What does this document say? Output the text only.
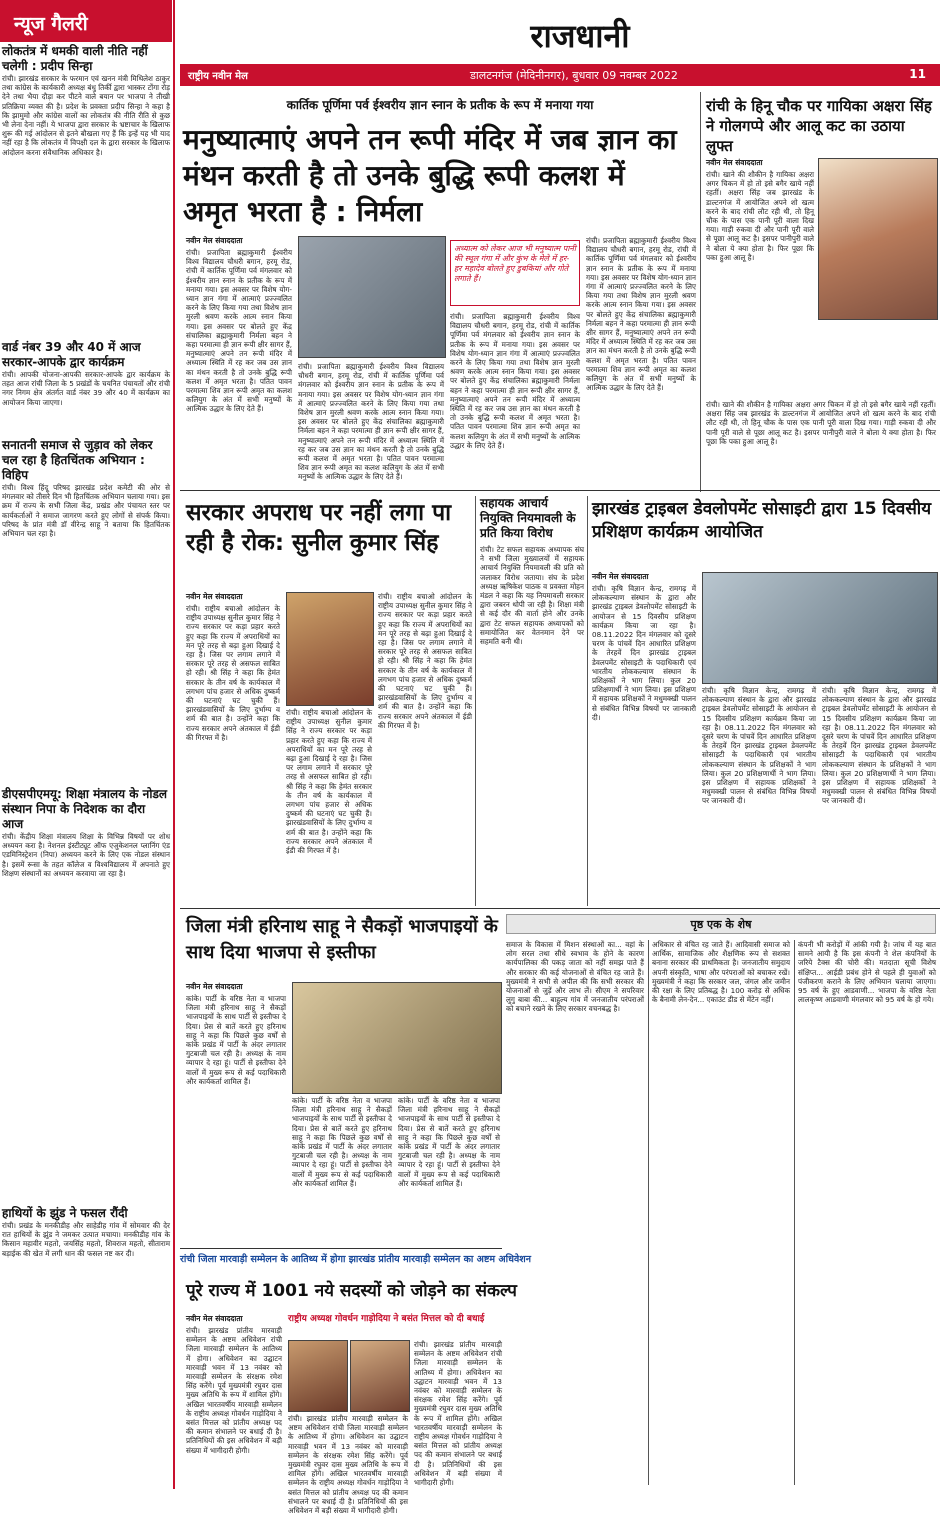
न्यूज गैलरी
लोकतंत्र में धमकी वाली नीति नहीं चलेगी : प्रदीप सिन्हा
रांची। झारखंड सरकार के फरमान एवं खनन मंत्री मिथिलेश ठाकुर तथा कांग्रेस के कार्यकारी अध्यक्ष बंधु तिर्की द्वारा भास्कर टोंगा रोड़ देने तथा भैया दौड़ा कर पीटने वाले बयान पर भाजपा ने तीखी प्रतिक्रिया व्यक्त की है। प्रदेश के प्रवक्ता प्रदीप सिन्हा ने कहा है कि झामुमो और कांग्रेस वालों का लोकतंत्र की नीति रीति से कुछ भी लेना देना नहीं। ये भाजपा द्वारा सरकार के भ्रष्टाचार के खिलाफ शुरू की गई आंदोलन से इतने बौखला गए हैं कि इन्हें यह भी याद नहीं रहा है कि लोकतंत्र में विपक्षी दल के द्वारा सरकार के खिलाफ आंदोलन करना संवैधानिक अधिकार है।
वार्ड नंबर 39 और 40 में आज सरकार-आपके द्वार कार्यक्रम
रांची। आपकी योजना-आपकी सरकार-आपके द्वार कार्यक्रम के तहत आज रांची जिला के 5 प्रखंडों के चयनित पंचायतों और रांची नगर निगम क्षेत्र अंतर्गत वार्ड नंबर 39 और 40 में कार्यक्रम का आयोजन किया जाएगा।
सनातनी समाज से जुड़ाव को लेकर चल रहा है हितचिंतक अभियान : विहिप
रांची। विश्व हिंदू परिषद झारखंड प्रदेश कमेटी की ओर से मंगलवार को तीसरे दिन भी हितचिंतक अभियान चलाया गया। इस क्रम में राज्य के सभी जिला केंद्र, प्रखंड और पंचायत स्तर पर कार्यकर्ताओं ने समाज जागरण करते हुए लोगों से संपर्क किया। परिषद के प्रांत मंत्री डॉ वीरेन्द्र साहू ने बताया कि हितचिंतक अभियान चल रहा है।
डीएसपीएमयू: शिक्षा मंत्रालय के नोडल संस्थान निपा के निदेशक का दौरा आज
रांची। केंद्रीय शिक्षा मंत्रालय शिक्षा के विभिन्न विषयों पर शोध अध्ययन करा है। नेशनल इंस्टीट्यूट ऑफ एजुकेशनल प्लानिंग एंड एडमिनिस्ट्रेशन (निपा) अध्ययन करने के लिए एक नोडल संस्थान है। इसमें रूसा के तहत कॉलेज व विश्वविद्यालय में अपनाते हुए शिक्षण संस्थानों का अध्ययन करवाया जा रहा है।
हाथियों के झुंड ने फसल रौंदी
रांची। प्रखंड के मनकीडीह और साहेडीह गांव में सोमवार की देर रात हाथियों के झुंड ने जमकर उत्पात मचाया। मनकीडीह गांव के किसान महावीर महतो, जयसिंह महतो, शिवराज महतो, सीताराम बड़ाईक की खेत में लगी धान की फसल नष्ट कर दी।
राजधानी
राष्ट्रीय नवीन मेल	डालटनगंज (मेदिनीनगर), बुधवार 09 नवम्बर 2022	11
कार्तिक पूर्णिमा पर्व ईश्वरीय ज्ञान स्नान के प्रतीक के रूप में मनाया गया
मनुष्यात्माएं अपने तन रूपी मंदिर में जब ज्ञान का मंथन करती है तो उनके बुद्धि रूपी कलश में अमृत भरता है : निर्मला
नवीन मेल संवाददाता
रांची। प्रजापिता ब्रह्माकुमारी ईश्वरीय विश्व विद्यालय चौधरी बगान, हरमू रोड, रांची में कार्तिक पूर्णिमा पर्व मंगलवार को ईश्वरीय ज्ञान स्नान के प्रतीक के रूप में मनाया गया। इस अवसर पर विशेष योग-ध्यान ज्ञान गंगा में आत्माएं प्रज्ज्वलित करने के लिए किया गया तथा विशेष ज्ञान मुरली श्रवण करके आत्म स्नान किया गया। इस अवसर पर बोलते हुए केंद्र संचालिका ब्रह्माकुमारी निर्मला बहन ने कहा परमात्मा ही ज्ञान रूपी क्षीर सागर हैं, मनुष्यात्माएं अपने तन रूपी मंदिर में अध्यात्म स्थिति में रह कर जब उस ज्ञान का मंथन करती है तो उनके बुद्धि रूपी कलश में अमृत भरता है। पतित पावन परमात्मा शिव ज्ञान रूपी अमृत का कलश कलियुग के अंत में सभी मनुष्यों के आत्मिक उद्धार के लिए देते हैं।
अध्यात्म को लेकर आज भी मनुष्यात्म पानी की स्थूल गंगा में और कुंभ के मेले में हर-हर महादेव बोलते हुए डुबकियां और गोते लगाते हैं।
रांची। प्रजापिता ब्रह्माकुमारी ईश्वरीय विश्व विद्यालय चौधरी बगान, हरमू रोड, रांची में कार्तिक पूर्णिमा पर्व मंगलवार को ईश्वरीय ज्ञान स्नान के प्रतीक के रूप में मनाया गया। इस अवसर पर विशेष योग-ध्यान ज्ञान गंगा में आत्माएं प्रज्ज्वलित करने के लिए किया गया तथा विशेष ज्ञान मुरली श्रवण करके आत्म स्नान किया गया। इस अवसर पर बोलते हुए केंद्र संचालिका ब्रह्माकुमारी निर्मला बहन ने कहा परमात्मा ही ज्ञान रूपी क्षीर सागर हैं, मनुष्यात्माएं अपने तन रूपी मंदिर में अध्यात्म स्थिति में रह कर जब उस ज्ञान का मंथन करती है तो उनके बुद्धि रूपी कलश में अमृत भरता है। पतित पावन परमात्मा शिव ज्ञान रूपी अमृत का कलश कलियुग के अंत में सभी मनुष्यों के आत्मिक उद्धार के लिए देते हैं।
रांची। प्रजापिता ब्रह्माकुमारी ईश्वरीय विश्व विद्यालय चौधरी बगान, हरमू रोड, रांची में कार्तिक पूर्णिमा पर्व मंगलवार को ईश्वरीय ज्ञान स्नान के प्रतीक के रूप में मनाया गया। इस अवसर पर विशेष योग-ध्यान ज्ञान गंगा में आत्माएं प्रज्ज्वलित करने के लिए किया गया तथा विशेष ज्ञान मुरली श्रवण करके आत्म स्नान किया गया। इस अवसर पर बोलते हुए केंद्र संचालिका ब्रह्माकुमारी निर्मला बहन ने कहा परमात्मा ही ज्ञान रूपी क्षीर सागर हैं, मनुष्यात्माएं अपने तन रूपी मंदिर में अध्यात्म स्थिति में रह कर जब उस ज्ञान का मंथन करती है तो उनके बुद्धि रूपी कलश में अमृत भरता है। पतित पावन परमात्मा शिव ज्ञान रूपी अमृत का कलश कलियुग के अंत में सभी मनुष्यों के आत्मिक उद्धार के लिए देते हैं।
रांची। प्रजापिता ब्रह्माकुमारी ईश्वरीय विश्व विद्यालय चौधरी बगान, हरमू रोड, रांची में कार्तिक पूर्णिमा पर्व मंगलवार को ईश्वरीय ज्ञान स्नान के प्रतीक के रूप में मनाया गया। इस अवसर पर विशेष योग-ध्यान ज्ञान गंगा में आत्माएं प्रज्ज्वलित करने के लिए किया गया तथा विशेष ज्ञान मुरली श्रवण करके आत्म स्नान किया गया। इस अवसर पर बोलते हुए केंद्र संचालिका ब्रह्माकुमारी निर्मला बहन ने कहा परमात्मा ही ज्ञान रूपी क्षीर सागर हैं, मनुष्यात्माएं अपने तन रूपी मंदिर में अध्यात्म स्थिति में रह कर जब उस ज्ञान का मंथन करती है तो उनके बुद्धि रूपी कलश में अमृत भरता है। पतित पावन परमात्मा शिव ज्ञान रूपी अमृत का कलश कलियुग के अंत में सभी मनुष्यों के आत्मिक उद्धार के लिए देते हैं।
रांची के हिनू चौक पर गायिका अक्षरा सिंह ने गोलगप्पे और आलू कट का उठाया लुफ्त
नवीन मेल संवाददाता
रांची। खाने की शौकीन है गायिका अक्षरा अगर चिकन में हो तो इसे बगैर खाये नहीं रहतीं। अक्षरा सिंह जब झारखंड के डाल्टनगंज में आयोजित अपने शो खत्म करने के बाद रांची लौट रही थी, तो हिनू चौक के पास एक पानी पूरी वाला दिख गया। गाड़ी रुकवा दी और पानी पूरी वाले से पूछा आलू कट है। इसपर पानीपुरी वाले ने बोला ये क्या होता है। फिर पूछा कि पका हुआ आलू है।
रांची। खाने की शौकीन है गायिका अक्षरा अगर चिकन में हो तो इसे बगैर खाये नहीं रहतीं। अक्षरा सिंह जब झारखंड के डाल्टनगंज में आयोजित अपने शो खत्म करने के बाद रांची लौट रही थी, तो हिनू चौक के पास एक पानी पूरी वाला दिख गया। गाड़ी रुकवा दी और पानी पूरी वाले से पूछा आलू कट है। इसपर पानीपुरी वाले ने बोला ये क्या होता है। फिर पूछा कि पका हुआ आलू है।
सरकार अपराध पर नहीं लगा पा रही है रोक: सुनील कुमार सिंह
नवीन मेल संवाददाता
रांची। राष्ट्रीय बचाओ आंदोलन के राष्ट्रीय उपाध्यक्ष सुनील कुमार सिंह ने राज्य सरकार पर कड़ा प्रहार करते हुए कहा कि राज्य में अपराधियों का मन पूरे तरह से बढ़ा हुआ दिखाई दे रहा है। जिस पर लगाम लगाने में सरकार पूरे तरह से असफल साबित हो रही। श्री सिंह ने कहा कि हेमंत सरकार के तीन वर्ष के कार्यकाल में लगभग पांच हजार से अधिक दुष्कर्म की घटनाएं घट चुकी हैं। झारखंडवासियों के लिए दुर्भाग्य व शर्म की बात है। उन्होंने कहा कि राज्य सरकार अपने अंतकाल में ईडी की गिरफ्त में है।
रांची। राष्ट्रीय बचाओ आंदोलन के राष्ट्रीय उपाध्यक्ष सुनील कुमार सिंह ने राज्य सरकार पर कड़ा प्रहार करते हुए कहा कि राज्य में अपराधियों का मन पूरे तरह से बढ़ा हुआ दिखाई दे रहा है। जिस पर लगाम लगाने में सरकार पूरे तरह से असफल साबित हो रही। श्री सिंह ने कहा कि हेमंत सरकार के तीन वर्ष के कार्यकाल में लगभग पांच हजार से अधिक दुष्कर्म की घटनाएं घट चुकी हैं। झारखंडवासियों के लिए दुर्भाग्य व शर्म की बात है। उन्होंने कहा कि राज्य सरकार अपने अंतकाल में ईडी की गिरफ्त में है।
रांची। राष्ट्रीय बचाओ आंदोलन के राष्ट्रीय उपाध्यक्ष सुनील कुमार सिंह ने राज्य सरकार पर कड़ा प्रहार करते हुए कहा कि राज्य में अपराधियों का मन पूरे तरह से बढ़ा हुआ दिखाई दे रहा है। जिस पर लगाम लगाने में सरकार पूरे तरह से असफल साबित हो रही। श्री सिंह ने कहा कि हेमंत सरकार के तीन वर्ष के कार्यकाल में लगभग पांच हजार से अधिक दुष्कर्म की घटनाएं घट चुकी हैं। झारखंडवासियों के लिए दुर्भाग्य व शर्म की बात है। उन्होंने कहा कि राज्य सरकार अपने अंतकाल में ईडी की गिरफ्त में है।
सहायक आचार्य नियुक्ति नियमावली के प्रति किया विरोध
रांची। टेट सफल सहायक अध्यापक संघ ने सभी जिला मुख्यालयों में सहायक आचार्य नियुक्ति नियमावली की प्रति को जलाकर विरोध जताया। संघ के प्रदेश अध्यक्ष ऋषिकेश पाठक व प्रवक्ता मोहन मंडल ने कहा कि यह नियमावली सरकार द्वारा जबरन थोपी जा रही है। शिक्षा मंत्री से कई दौर की वार्ता होने और उनके द्वारा टेट सफल सहायक अध्यापकों को समायोजित कर वेतनमान देने पर सहमति बनी थी।
झारखंड ट्राइबल डेवलोपमेंट सोसाइटी द्वारा 15 दिवसीय प्रशिक्षण कार्यक्रम आयोजित
नवीन मेल संवाददाता
रांची। कृषि विज्ञान केन्द्र, रामगढ़ में लोककल्याण संस्थान के द्वारा और झारखंड ट्राइबल डेवलोपमेंट सोसाइटी के आयोजन से 15 दिवसीय प्रशिक्षण कार्यक्रम किया जा रहा है। 08.11.2022 दिन मंगलवार को दूसरे चरण के पांचवें दिन आधारित प्रशिक्षण के तेरहवें दिन झारखंड ट्राइबल डेवलपमेंट सोसाइटी के पदाधिकारी एवं भारतीय लोककल्याण संस्थान के प्रशिक्षकों ने भाग लिया। कुल 20 प्रशिक्षणार्थी ने भाग लिया। इस प्रशिक्षण में सहायक प्रशिक्षकों ने मधुमक्खी पालन से संबंधित विभिन्न विषयों पर जानकारी दी।
रांची। कृषि विज्ञान केन्द्र, रामगढ़ में लोककल्याण संस्थान के द्वारा और झारखंड ट्राइबल डेवलोपमेंट सोसाइटी के आयोजन से 15 दिवसीय प्रशिक्षण कार्यक्रम किया जा रहा है। 08.11.2022 दिन मंगलवार को दूसरे चरण के पांचवें दिन आधारित प्रशिक्षण के तेरहवें दिन झारखंड ट्राइबल डेवलपमेंट सोसाइटी के पदाधिकारी एवं भारतीय लोककल्याण संस्थान के प्रशिक्षकों ने भाग लिया। कुल 20 प्रशिक्षणार्थी ने भाग लिया। इस प्रशिक्षण में सहायक प्रशिक्षकों ने मधुमक्खी पालन से संबंधित विभिन्न विषयों पर जानकारी दी।
रांची। कृषि विज्ञान केन्द्र, रामगढ़ में लोककल्याण संस्थान के द्वारा और झारखंड ट्राइबल डेवलोपमेंट सोसाइटी के आयोजन से 15 दिवसीय प्रशिक्षण कार्यक्रम किया जा रहा है। 08.11.2022 दिन मंगलवार को दूसरे चरण के पांचवें दिन आधारित प्रशिक्षण के तेरहवें दिन झारखंड ट्राइबल डेवलपमेंट सोसाइटी के पदाधिकारी एवं भारतीय लोककल्याण संस्थान के प्रशिक्षकों ने भाग लिया। कुल 20 प्रशिक्षणार्थी ने भाग लिया। इस प्रशिक्षण में सहायक प्रशिक्षकों ने मधुमक्खी पालन से संबंधित विभिन्न विषयों पर जानकारी दी।
जिला मंत्री हरिनाथ साहू ने सैकड़ों भाजपाइयों के साथ दिया भाजपा से इस्तीफा
नवीन मेल संवाददाता
कांके। पार्टी के वरिष्ठ नेता व भाजपा जिला मंत्री हरिनाथ साहू ने सैकड़ों भाजपाइयों के साथ पार्टी से इस्तीफा दे दिया। प्रेस से बातें करते हुए हरिनाथ साहू ने कहा कि पिछले कुछ वर्षों से कांके प्रखंड में पार्टी के अंदर लगातार गुटबाजी चल रही है। अध्यक्ष के नाम व्यापार दे रहा हूं। पार्टी से इस्तीफा देने वालों में मुख्य रूप से कई पदाधिकारी और कार्यकर्ता शामिल हैं।
कांके। पार्टी के वरिष्ठ नेता व भाजपा जिला मंत्री हरिनाथ साहू ने सैकड़ों भाजपाइयों के साथ पार्टी से इस्तीफा दे दिया। प्रेस से बातें करते हुए हरिनाथ साहू ने कहा कि पिछले कुछ वर्षों से कांके प्रखंड में पार्टी के अंदर लगातार गुटबाजी चल रही है। अध्यक्ष के नाम व्यापार दे रहा हूं। पार्टी से इस्तीफा देने वालों में मुख्य रूप से कई पदाधिकारी और कार्यकर्ता शामिल हैं।
कांके। पार्टी के वरिष्ठ नेता व भाजपा जिला मंत्री हरिनाथ साहू ने सैकड़ों भाजपाइयों के साथ पार्टी से इस्तीफा दे दिया। प्रेस से बातें करते हुए हरिनाथ साहू ने कहा कि पिछले कुछ वर्षों से कांके प्रखंड में पार्टी के अंदर लगातार गुटबाजी चल रही है। अध्यक्ष के नाम व्यापार दे रहा हूं। पार्टी से इस्तीफा देने वालों में मुख्य रूप से कई पदाधिकारी और कार्यकर्ता शामिल हैं।
पृष्ठ एक के शेष
समाज के विकास में मिशन संस्थाओं का... वहां के लोग सरल तथा सीधे स्वभाव के होने के कारण कार्यपालिका की पकड़ जाता को नहीं समझ पाते हैं और सरकार की कई योजनाओं से वंचित रह जाते हैं। मुख्यमंत्री ने सभी से अपील की कि सभी सरकार की योजनाओं से जुड़ें और लाभ लें। सीएम ने सपरिवार लुगु बाबा की... बाहुल्य गांव में जनजातीय परंपराओं को बचाने रखने के लिए सरकार वचनबद्ध है।
अधिकार से वंचित रह जाते हैं। आदिवासी समाज को आर्थिक, सामाजिक और शैक्षणिक रूप से सशक्त बनाना सरकार की प्राथमिकता है। जनजातीय समुदाय अपनी संस्कृति, भाषा और परंपराओं को बचाकर रखें। मुख्यमंत्री ने कहा कि सरकार जल, जंगल और जमीन की रक्षा के लिए प्रतिबद्ध है। 100 करोड़ से अधिक के बैनामी लेन-देन... एकाउंट डीड से मेंटेन नहीं।
कंपनी भी करोड़ों में आंकी गयी है। जांच में यह बात सामने आयी है कि इस कंपनी ने शेल कंपनियों के जरिये टैक्स की चोरी की। मतदाता सूची विशेष संक्षिप्त... आईडी प्रबंध होने से पहले ही युवाओं को पंजीकरण कराने के लिए अभियान चलाया जाएगा। 95 वर्ष के हुए आडवाणी... भाजपा के वरिष्ठ नेता लालकृष्ण आडवाणी मंगलवार को 95 वर्ष के हो गये।
रांची जिला मारवाड़ी सम्मेलन के आतिथ्य में होगा झारखंड प्रांतीय मारवाड़ी सम्मेलन का अष्टम अधिवेशन
पूरे राज्य में 1001 नये सदस्यों को जोड़ने का संकल्प
नवीन मेल संवाददाता
रांची। झारखंड प्रांतीय मारवाड़ी सम्मेलन के अष्टम अधिवेशन रांची जिला मारवाड़ी सम्मेलन के आतिथ्य में होगा। अधिवेशन का उद्घाटन मारवाड़ी भवन में 13 नवंबर को मारवाड़ी सम्मेलन के संरक्षक रमेश सिंह करेंगे। पूर्व मुख्यमंत्री रघुवर दास मुख्य अतिथि के रूप में शामिल होंगे। अखिल भारतवर्षीय मारवाड़ी सम्मेलन के राष्ट्रीय अध्यक्ष गोवर्धन गाड़ोदिया ने बसंत मित्तल को प्रांतीय अध्यक्ष पद की कमान संभालने पर बधाई दी है। प्रतिनिधियों की इस अधिवेशन में बड़ी संख्या में भागीदारी होगी।
राष्ट्रीय अध्यक्ष गोवर्धन गाड़ोदिया ने बसंत मित्तल को दी बधाई
रांची। झारखंड प्रांतीय मारवाड़ी सम्मेलन के अष्टम अधिवेशन रांची जिला मारवाड़ी सम्मेलन के आतिथ्य में होगा। अधिवेशन का उद्घाटन मारवाड़ी भवन में 13 नवंबर को मारवाड़ी सम्मेलन के संरक्षक रमेश सिंह करेंगे। पूर्व मुख्यमंत्री रघुवर दास मुख्य अतिथि के रूप में शामिल होंगे। अखिल भारतवर्षीय मारवाड़ी सम्मेलन के राष्ट्रीय अध्यक्ष गोवर्धन गाड़ोदिया ने बसंत मित्तल को प्रांतीय अध्यक्ष पद की कमान संभालने पर बधाई दी है। प्रतिनिधियों की इस अधिवेशन में बड़ी संख्या में भागीदारी होगी।
रांची। झारखंड प्रांतीय मारवाड़ी सम्मेलन के अष्टम अधिवेशन रांची जिला मारवाड़ी सम्मेलन के आतिथ्य में होगा। अधिवेशन का उद्घाटन मारवाड़ी भवन में 13 नवंबर को मारवाड़ी सम्मेलन के संरक्षक रमेश सिंह करेंगे। पूर्व मुख्यमंत्री रघुवर दास मुख्य अतिथि के रूप में शामिल होंगे। अखिल भारतवर्षीय मारवाड़ी सम्मेलन के राष्ट्रीय अध्यक्ष गोवर्धन गाड़ोदिया ने बसंत मित्तल को प्रांतीय अध्यक्ष पद की कमान संभालने पर बधाई दी है। प्रतिनिधियों की इस अधिवेशन में बड़ी संख्या में भागीदारी होगी।
